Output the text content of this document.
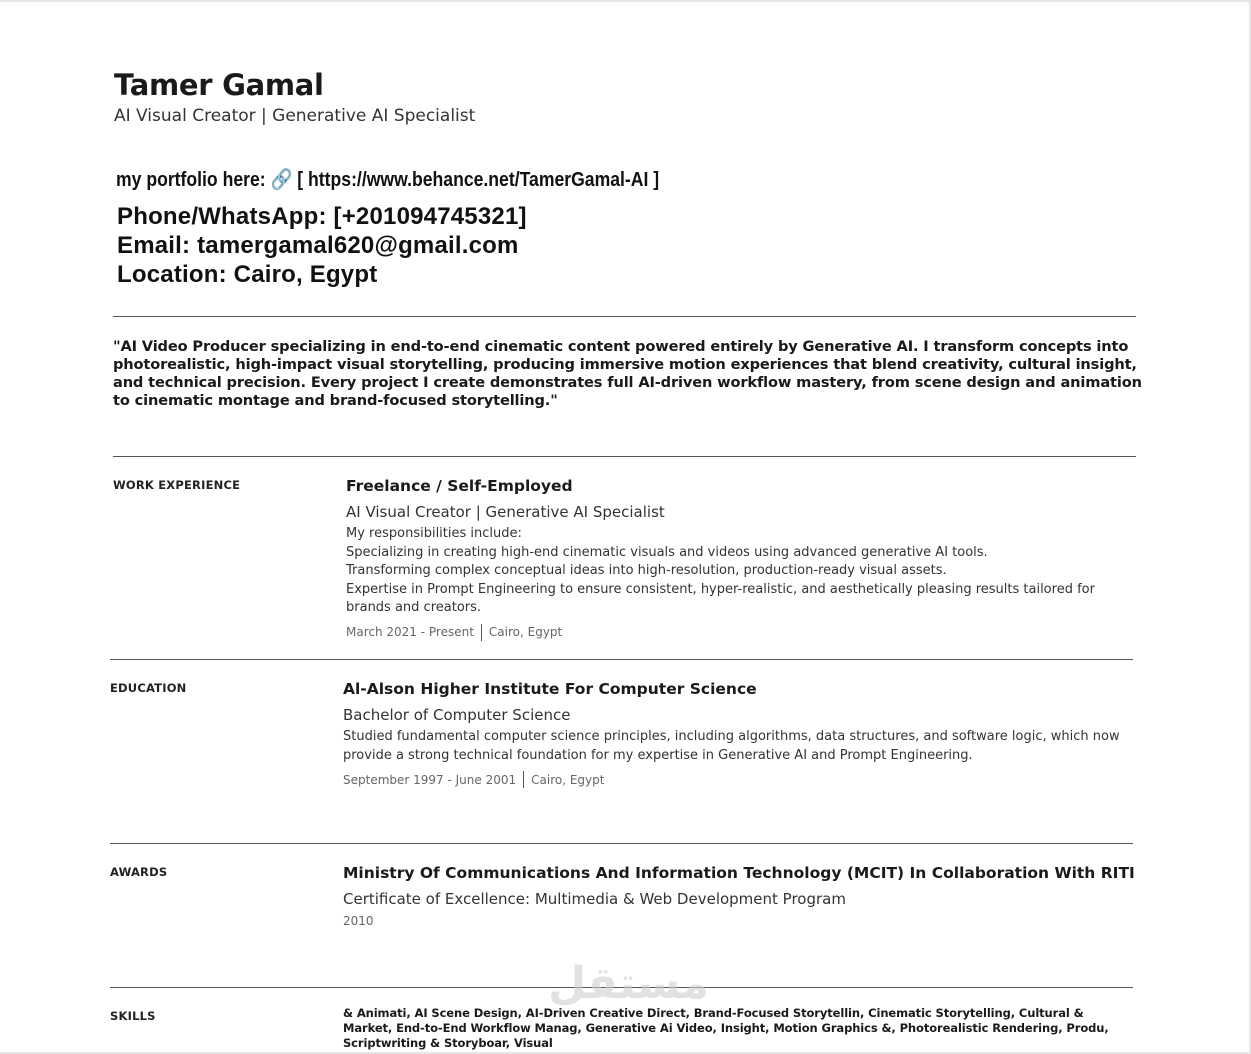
Tamer Gamal
AI Visual Creator | Generative AI Specialist
my portfolio here: 🔗 [ https://www.behance.net/TamerGamal-AI ]
Phone/WhatsApp: [+201094745321]
Email: tamergamal620@gmail.com
Location: Cairo, Egypt
"AI Video Producer specializing in end-to-end cinematic content powered entirely by Generative AI. I transform concepts into photorealistic, high-impact visual storytelling, producing immersive motion experiences that blend creativity, cultural insight, and technical precision. Every project I create demonstrates full AI-driven workflow mastery, from scene design and animation to cinematic montage and brand-focused storytelling."
WORK EXPERIENCE	Freelance / Self-Employed
AI Visual Creator | Generative AI Specialist
My responsibilities include:
Specializing in creating high-end cinematic visuals and videos using advanced generative AI tools.
Transforming complex conceptual ideas into high-resolution, production-ready visual assets.
Expertise in Prompt Engineering to ensure consistent, hyper-realistic, and aesthetically pleasing results tailored for brands and creators.
March 2021 - Present Cairo, Egypt
EDUCATION	Al-Alson Higher Institute For Computer Science
Bachelor of Computer Science
Studied fundamental computer science principles, including algorithms, data structures, and software logic, which now provide a strong technical foundation for my expertise in Generative AI and Prompt Engineering.
September 1997 - June 2001 Cairo, Egypt
AWARDS	Ministry Of Communications And Information Technology (MCIT) In Collaboration With RITI
Certificate of Excellence: Multimedia & Web Development Program
2010
SKILLS	& Animati, AI Scene Design, AI-Driven Creative Direct, Brand-Focused Storytellin, Cinematic Storytelling, Cultural & Market, End-to-End Workflow Manag, Generative Ai Video, Insight, Motion Graphics &, Photorealistic Rendering, Produ, Scriptwriting & Storyboar, Visual
مستقل
